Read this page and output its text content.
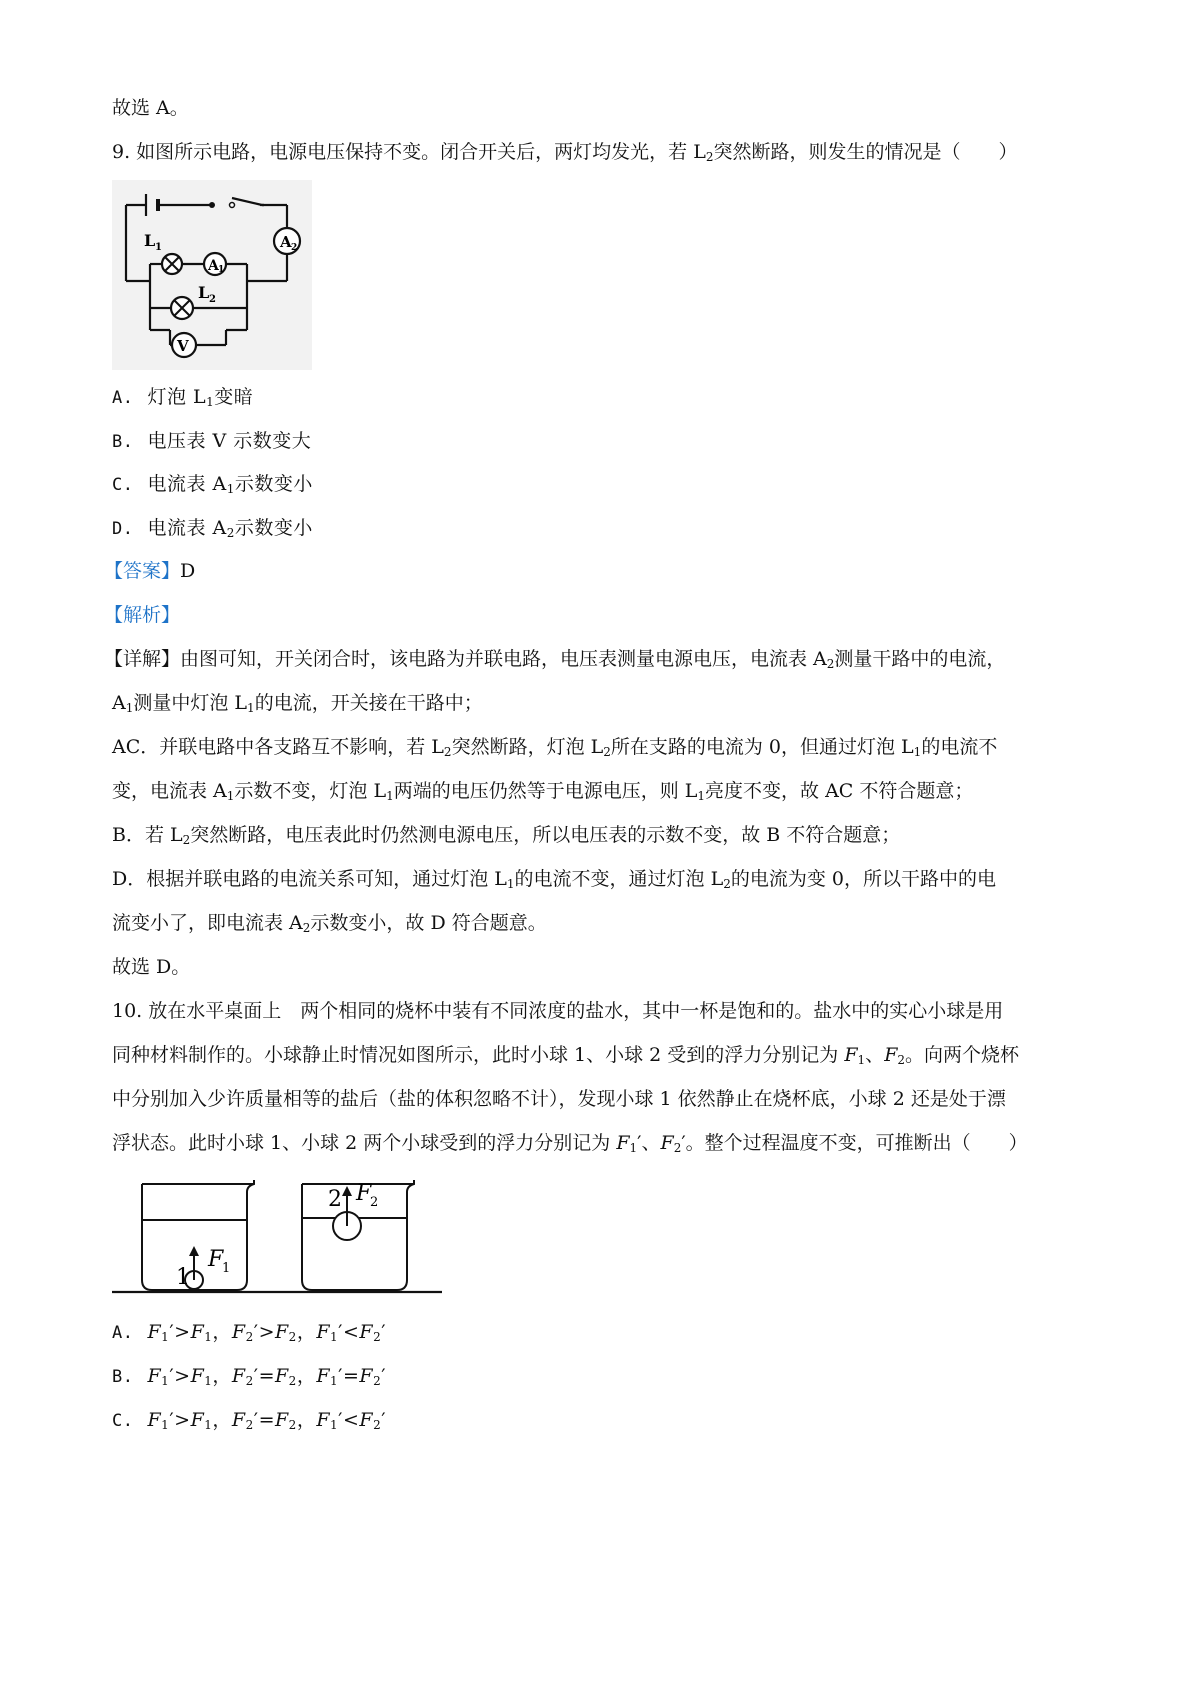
故选 A。
9. 如图所示电路，电源电压保持不变。闭合开关后，两灯均发光，若 $L_2$突然断路，则发生的情况是（　　）
A 2
L 1
A 1
L 2
V
A. 灯泡 $L_1$变暗
B. 电压表 V 示数变大
C. 电流表 $A_1$示数变小
D. 电流表 $A_2$示数变小
【答案】D
【解析】
【详解】由图可知，开关闭合时，该电路为并联电路，电压表测量电源电压，电流表 $A_2$测量干路中的电流，
$A_1$测量中灯泡 $L_1$的电流，开关接在干路中；
AC．并联电路中各支路互不影响，若 $L_2$突然断路，灯泡 $L_2$所在支路的电流为 0，但通过灯泡 $L_1$的电流不
变，电流表 $A_1$示数不变，灯泡 $L_1$两端的电压仍然等于电源电压，则 $L_1$亮度不变，故 AC 不符合题意；
B．若 $L_2$突然断路，电压表此时仍然测电源电压，所以电压表的示数不变，故 B 不符合题意；
D．根据并联电路的电流关系可知，通过灯泡 $L_1$的电流不变，通过灯泡 $L_2$的电流为变 0，所以干路中的电
流变小了，即电流表 $A_2$示数变小，故 D 符合题意。
故选 D。
10. 放在水平桌面上　两个相同的烧杯中装有不同浓度的盐水，其中一杯是饱和的。盐水中的实心小球是用
同种材料制作的。小球静止时情况如图所示，此时小球 1、小球 2 受到的浮力分别记为 $F_1$、$F_2$。向两个烧杯
中分别加入少许质量相等的盐后（盐的体积忽略不计），发现小球 1 依然静止在烧杯底，小球 2 还是处于漂
浮状态。此时小球 1、小球 2 两个小球受到的浮力分别记为 $F_1'$、$F_2'$。整个过程温度不变，可推断出（　　）
1
F
1
2 F
2
A. $F_1'>F_1$，$F_2'>F_2$，$F_1'<F_2'$
B. $F_1'>F_1$，$F_2'=F_2$，$F_1'=F_2'$
C. $F_1'>F_1$，$F_2'=F_2$，$F_1'<F_2'$
